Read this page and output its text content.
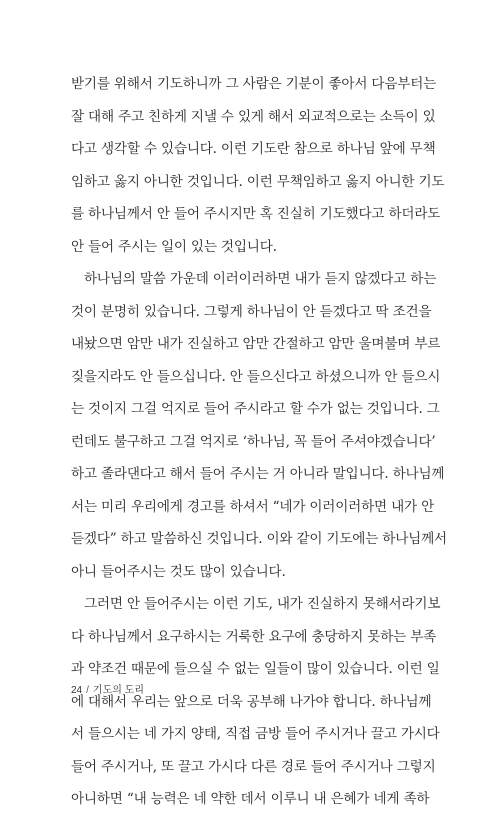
받기를 위해서 기도하니까 그 사람은 기분이 좋아서 다음부터는
잘 대해 주고 친하게 지낼 수 있게 해서 외교적으로는 소득이 있
다고 생각할 수 있습니다. 이런 기도란 참으로 하나님 앞에 무책
임하고 옳지 아니한 것입니다. 이런 무책임하고 옳지 아니한 기도
를 하나님께서 안 들어 주시지만 혹 진실히 기도했다고 하더라도
안 들어 주시는 일이 있는 것입니다.
하나님의 말씀 가운데 이러이러하면 내가 듣지 않겠다고 하는
것이 분명히 있습니다. 그렇게 하나님이 안 듣겠다고 딱 조건을
내놨으면 암만 내가 진실하고 암만 간절하고 암만 울며불며 부르
짖을지라도 안 들으십니다. 안 들으신다고 하셨으니까 안 들으시
는 것이지 그걸 억지로 들어 주시라고 할 수가 없는 것입니다. 그
런데도 불구하고 그걸 억지로 ‘하나님, 꼭 들어 주셔야겠습니다’
하고 졸라댄다고 해서 들어 주시는 거 아니라 말입니다. 하나님께
서는 미리 우리에게 경고를 하셔서 “네가 이러이러하면 내가 안
듣겠다” 하고 말씀하신 것입니다. 이와 같이 기도에는 하나님께서
아니 들어주시는 것도 많이 있습니다.
그러면 안 들어주시는 이런 기도, 내가 진실하지 못해서라기보
다 하나님께서 요구하시는 거룩한 요구에 충당하지 못하는 부족
과 약조건 때문에 들으실 수 없는 일들이 많이 있습니다. 이런 일
에 대해서 우리는 앞으로 더욱 공부해 나가야 합니다. 하나님께
서 들으시는 네 가지 양태, 직접 금방 들어 주시거나 끌고 가시다
들어 주시거나, 또 끌고 가시다 다른 경로 들어 주시거나 그렇지
아니하면 “내 능력은 네 약한 데서 이루니 내 은혜가 네게 족하
24 / 기도의 도리
